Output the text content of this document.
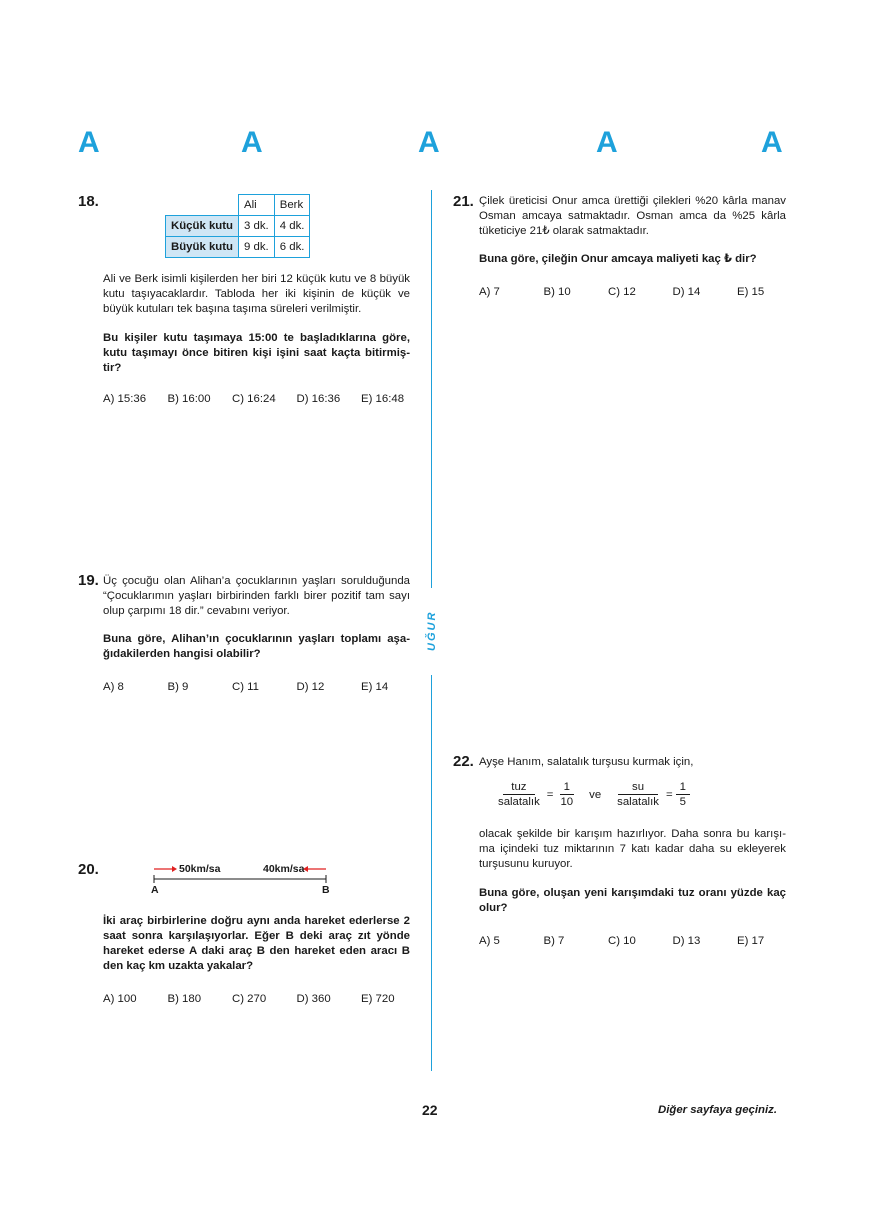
A	A	A	A	A
UĞUR
18.
		Ali	Berk
Küçük kutu	3 dk.	4 dk.
Büyük kutu	9 dk.	6 dk.
Ali ve Berk isimli kişilerden her biri 12 küçük kutu ve 8 büyük kutu taşıyacaklardır. Tabloda her iki kişinin de küçük ve büyük kutuları tek başına taşıma süreleri verilmiştir.
Bu kişiler kutu taşımaya 15:00 te başladıklarına göre, kutu taşımayı önce bitiren kişi işini saat kaçta bitirmiş- tir?
A) 15:36	B) 16:00	C) 16:24	D) 16:36	E) 16:48
19. Üç çocuğu olan Alihan’a çocuklarının yaşları sorulduğunda “Çocuklarımın yaşları birbirinden farklı birer pozitif tam sayı olup çarpımı 18 dir.” cevabını veriyor.
Buna göre, Alihan’ın çocuklarının yaşları toplamı aşa- ğıdakilerden hangisi olabilir?
A) 8	B) 9	C) 11	D) 12	E) 14
20.	50km/sa	40km/sa
A	B
İki araç birbirlerine doğru aynı anda hareket ederlerse 2 saat sonra karşılaşıyorlar. Eğer B deki araç zıt yönde hareket ederse A daki araç B den hareket eden aracı B den kaç km uzakta yakalar?
A) 100	B) 180	C) 270	D) 360	E) 720
21. Çilek üreticisi Onur amca ürettiği çilekleri %20 kârla manav Osman amcaya satmaktadır. Osman amca da %25 kârla tüketiciye 21₺ olarak satmaktadır.
Buna göre, çileğin Onur amcaya maliyeti kaç ₺ dir?
A) 7	B) 10	C) 12	D) 14	E) 15
22. Ayşe Hanım, salatalık turşusu kurmak için,
$\frac{\text{tuz}}{\text{salatalık}} = \frac{1}{10}$ ve $\frac{su}{\text{salatalık}} = \frac{1}{5}$
olacak şekilde bir karışım hazırlıyor. Daha sonra bu karışı- ma içindeki tuz miktarının 7 katı kadar daha su ekleyerek turşusunu kuruyor.
Buna göre, oluşan yeni karışımdaki tuz oranı yüzde kaç olur?
A) 5	B) 7	C) 10	D) 13	E) 17
22	Diğer sayfaya geçiniz.
